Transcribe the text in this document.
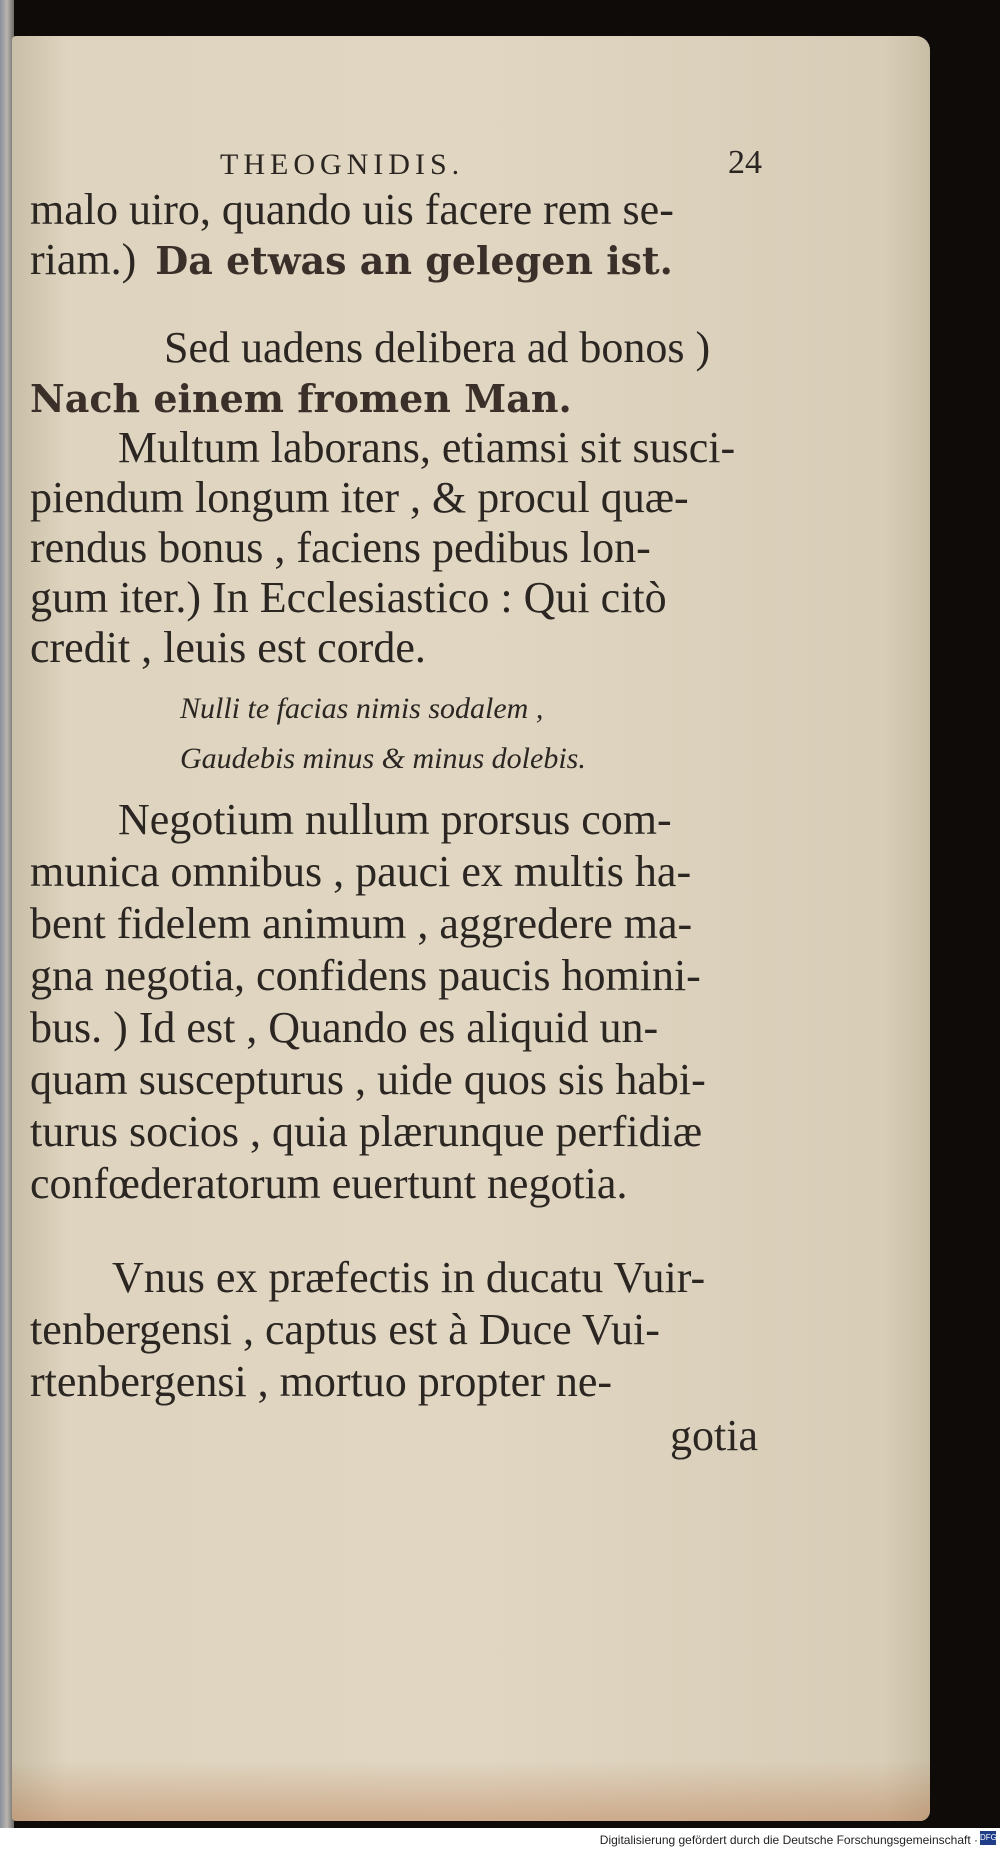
THEOGNIDIS.	24
malo uiro, quando uis facere rem se-
riam.) Da etwas an gelegen ist.
Sed uadens delibera ad bonos )
Nach einem fromen Man.
Multum laborans, etiamsi sit susci-
piendum longum iter , & procul quæ-
rendus bonus , faciens pedibus lon-
gum iter.) In Ecclesiastico : Qui citò
credit , leuis est corde.
Nulli te facias nimis sodalem ,
Gaudebis minus & minus dolebis.
Negotium nullum prorsus com-
munica omnibus , pauci ex multis ha-
bent fidelem animum , aggredere ma-
gna negotia, confidens paucis homini-
bus. ) Id est , Quando es aliquid un-
quam suscepturus , uide quos sis habi-
turus socios , quia plærunque perfidiæ
confœderatorum euertunt negotia.
Vnus ex præfectis in ducatu Vuir-
tenbergensi , captus est à Duce Vui-
rtenbergensi , mortuo propter ne-
gotia
Digitalisierung gefördert durch die Deutsche Forschungsgemeinschaft · DFG
